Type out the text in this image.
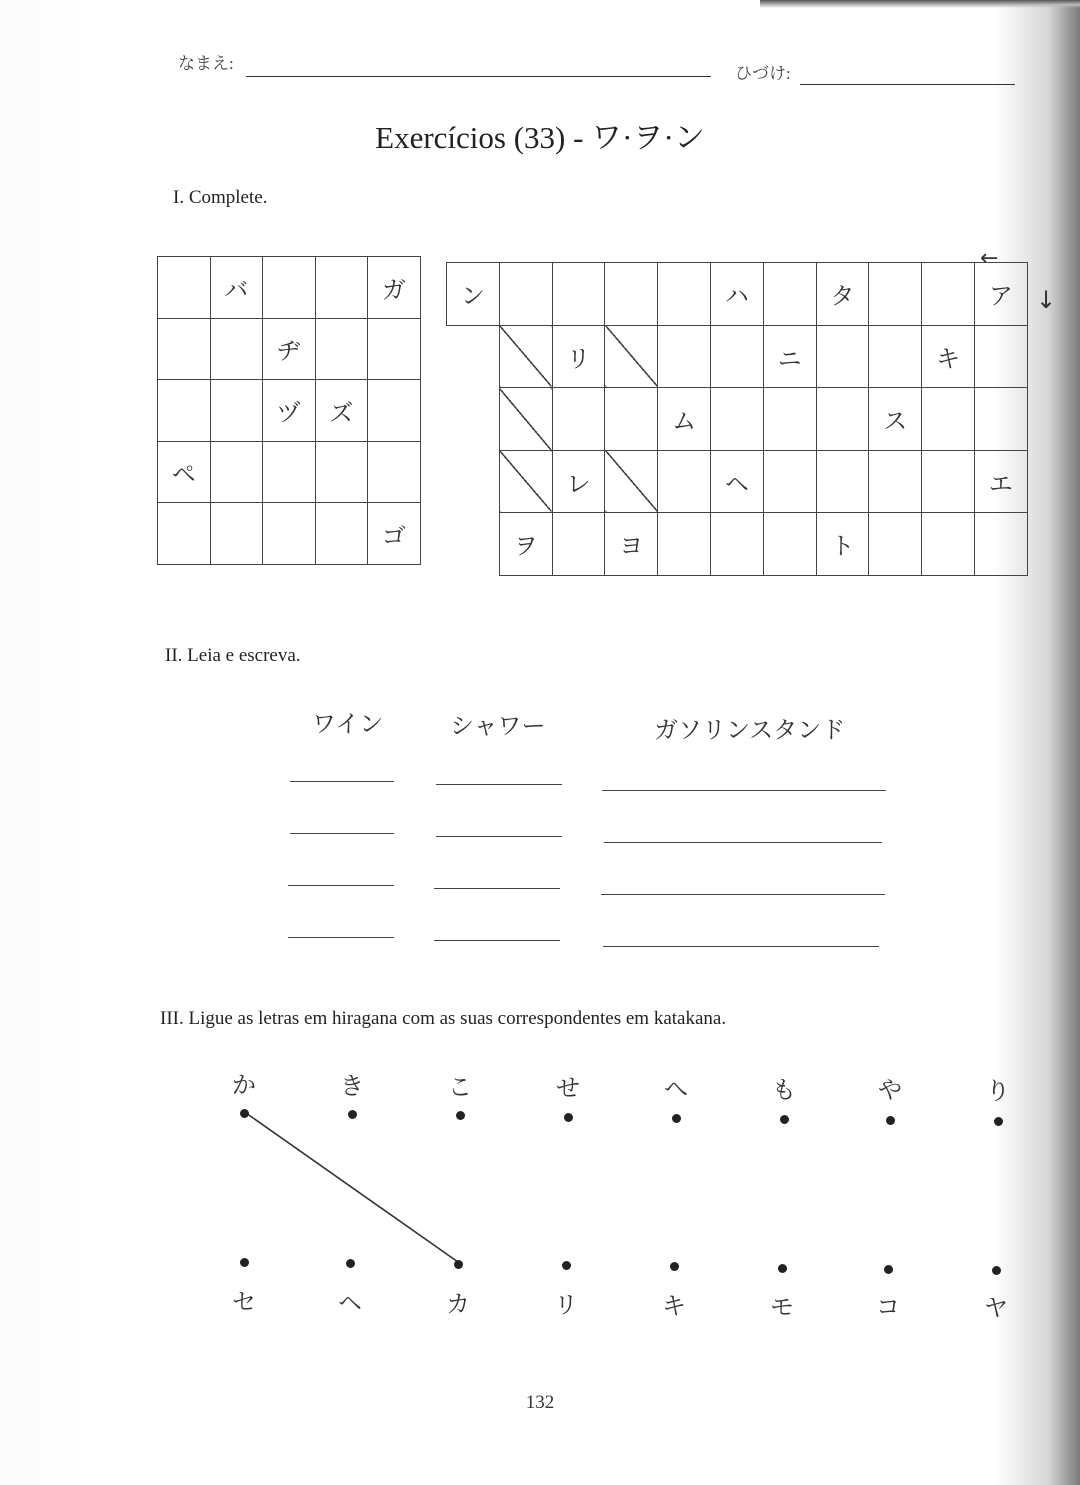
なまえ:
ひづけ:
Exercícios (33) - ワ·ヲ·ン
I. Complete.
	バ			ガ
		ヂ		
		ヅ	ズ	
ペ				
				ゴ
ン					ハ		タ			ア
		リ				ニ			キ	
				ム				ス		
		レ			ヘ					エ
	ヲ		ヨ				ト			
←
↓
II. Leia e escreva.
ワイン	シャワー	ガソリンスタンド
III. Ligue as letras em hiragana com as suas correspondentes em katakana.
か	き	こ	せ	へ	も	や	り
セ	ヘ	カ	リ	キ	モ	コ	ヤ
132
